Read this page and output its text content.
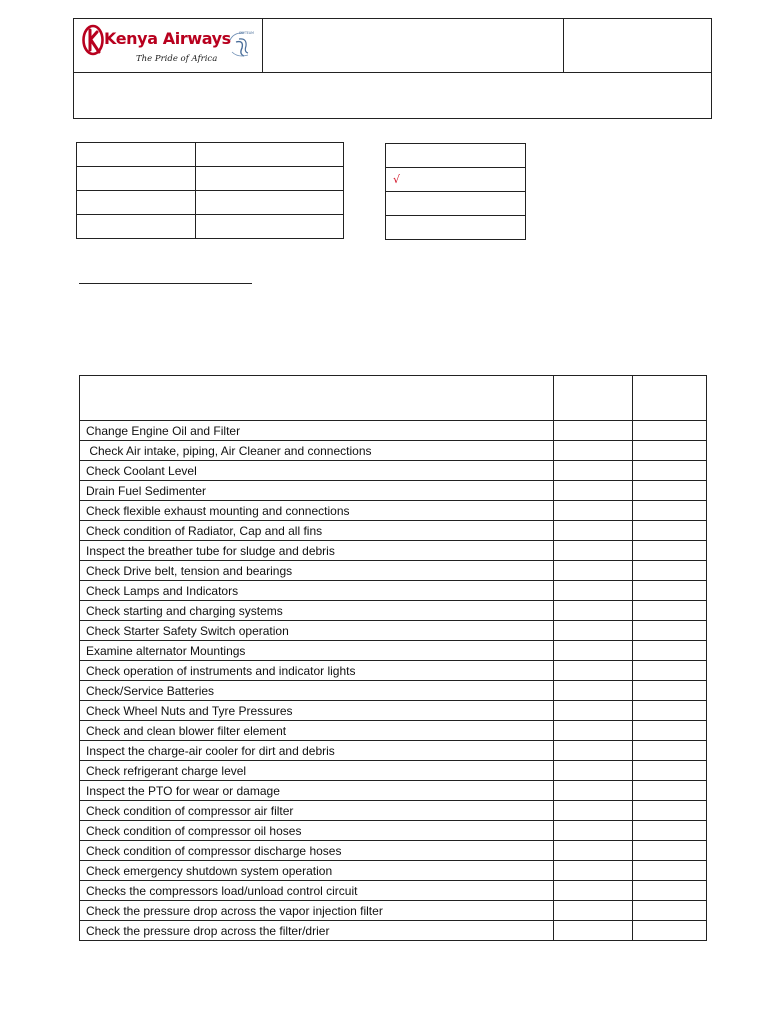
Kenya Airways
The Pride of Africa
SKYTEAM

√

Change Engine Oil and Filter		
Check Air intake, piping, Air Cleaner and connections		
Check Coolant Level		
Drain Fuel Sedimenter		
Check flexible exhaust mounting and connections		
Check condition of Radiator, Cap and all fins		
Inspect the breather tube for sludge and debris		
Check Drive belt, tension and bearings		
Check Lamps and Indicators		
Check starting and charging systems		
Check Starter Safety Switch operation		
Examine alternator Mountings		
Check operation of instruments and indicator lights		
Check/Service Batteries		
Check Wheel Nuts and Tyre Pressures		
Check and clean blower filter element		
Inspect the charge-air cooler for dirt and debris		
Check refrigerant charge level		
Inspect the PTO for wear or damage		
Check condition of compressor air filter		
Check condition of compressor oil hoses		
Check condition of compressor discharge hoses		
Check emergency shutdown system operation		
Checks the compressors load/unload control circuit		
Check the pressure drop across the vapor injection filter		
Check the pressure drop across the filter/drier		
